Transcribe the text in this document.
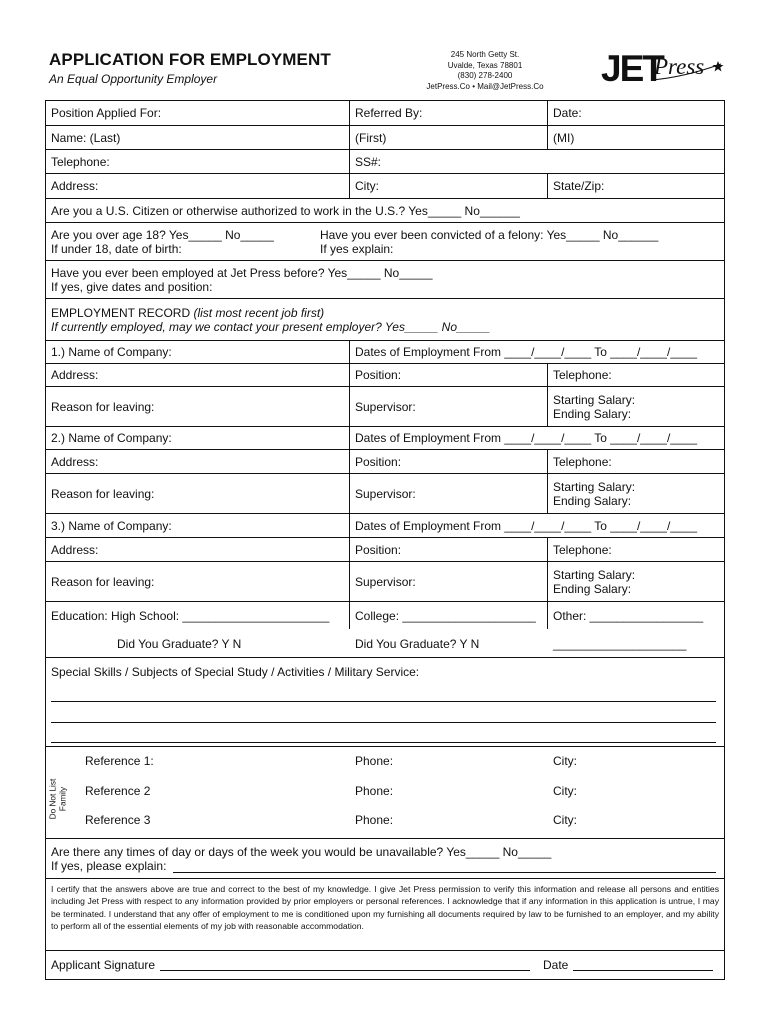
APPLICATION FOR EMPLOYMENT
An Equal Opportunity Employer
245 North Getty St.
Uvalde, Texas 78801
(830) 278-2400
JetPress.Co • Mail@JetPress.Co	JET
Press
Position Applied For:	Referred By:	Date:
Name: (Last)	(First)	(MI)
Telephone:	SS#:
Address:	City:	State/Zip:
Are you a U.S. Citizen or otherwise authorized to work in the U.S.? Yes_____ No______
Are you over age 18? Yes_____ No_____
If under 18, date of birth:
Have you ever been convicted of a felony: Yes_____ No______
If yes explain:
Have you ever been employed at Jet Press before? Yes_____ No_____
If yes, give dates and position:
EMPLOYMENT RECORD (list most recent job first)
If currently employed, may we contact your present employer? Yes_____ No_____
1.) Name of Company:	Dates of Employment From ____/____/____ To ____/____/____
Address:	Position:	Telephone:
Reason for leaving:	Supervisor:	Starting Salary:
Ending Salary:
2.) Name of Company:	Dates of Employment From ____/____/____ To ____/____/____
Address:	Position:	Telephone:
Reason for leaving:	Supervisor:	Starting Salary:
Ending Salary:
3.) Name of Company:	Dates of Employment From ____/____/____ To ____/____/____
Address:	Position:	Telephone:
Reason for leaving:	Supervisor:	Starting Salary:
Ending Salary:
Education: High School: ______________________ College: ____________________ Other: _________________
Did You Graduate? Y N	Did You Graduate? Y N	____________________
Special Skills / Subjects of Special Study / Activities / Military Service:
Do Not List Family
Reference 1:	Phone:	City:
Reference 2	Phone:	City:
Reference 3	Phone:	City:
Are there any times of day or days of the week you would be unavailable? Yes_____ No_____
If yes, please explain:
I certify that the answers above are true and correct to the best of my knowledge. I give Jet Press permission to verify this information and release all persons and entities including Jet Press with respect to any information provided by prior employers or personal references. I acknowledge that if any information in this application is untrue, I may be terminated. I understand that any offer of employment to me is conditioned upon my furnishing all documents required by law to be furnished to an employer, and my ability to perform all of the essential elements of my job with reasonable accommodation.
Applicant Signature	Date
